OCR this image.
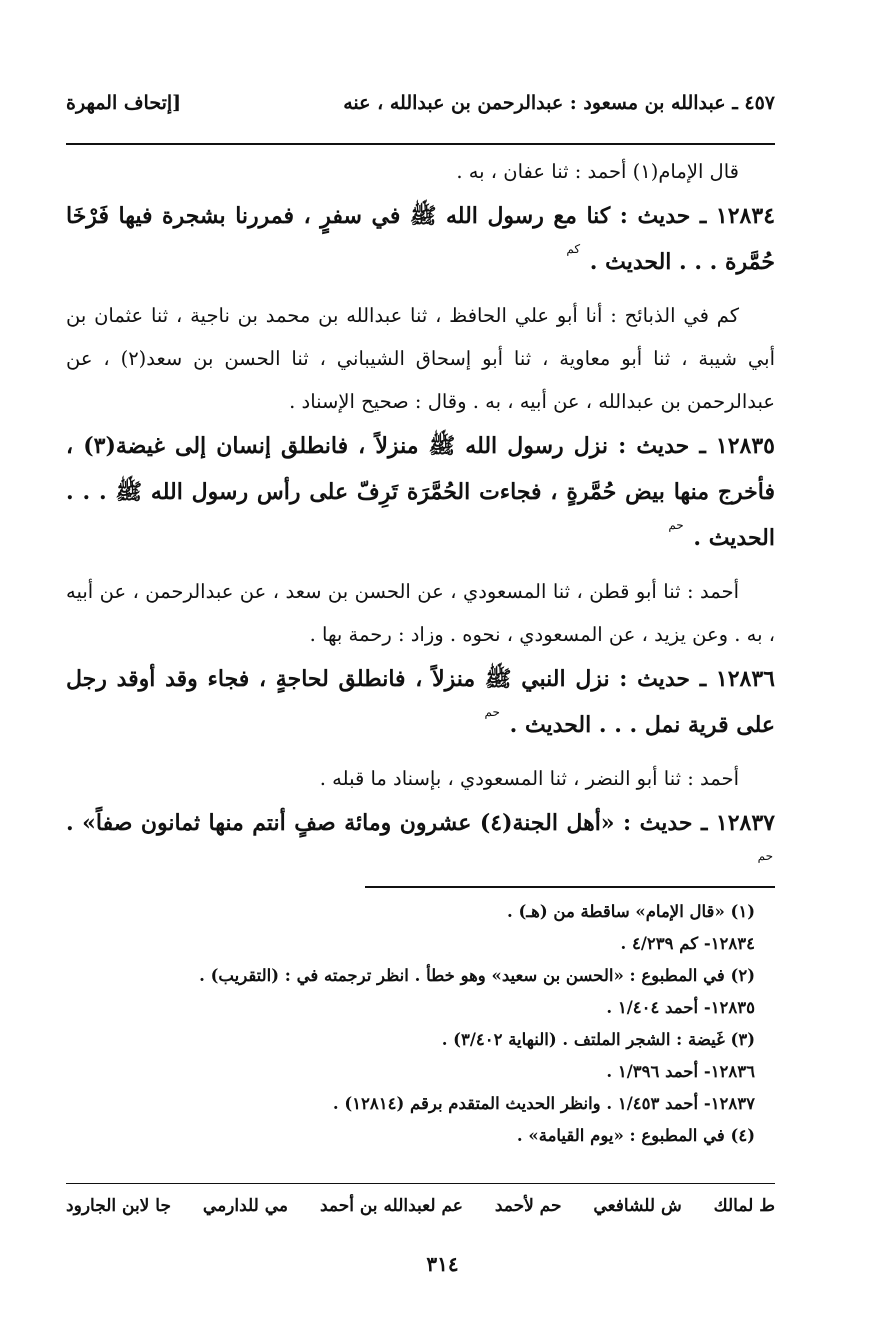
٤٥٧ ـ عبدالله بن مسعود : عبدالرحمن بن عبدالله ، عنه
[إتحاف المهرة

قال الإمام(١) أحمد : ثنا عفان ، به .

١٢٨٣٤ ـ حديث : كنا مع رسول الله ﷺ في سفرٍ ، فمررنا بشجرة فيها فَرْخَا حُمَّرة . . . الحديث . $^{كم}$

كم في الذبائح : أنا أبو علي الحافظ ، ثنا عبدالله بن محمد بن ناجية ، ثنا عثمان بن أبي شيبة ، ثنا أبو معاوية ، ثنا أبو إسحاق الشيباني ، ثنا الحسن بن سعد(٢) ، عن عبدالرحمن بن عبدالله ، عن أبيه ، به . وقال : صحيح الإسناد .

١٢٨٣٥ ـ حديث : نزل رسول الله ﷺ منزلاً ، فانطلق إنسان إلى غيضة(٣) ، فأخرج منها بيض حُمَّرةٍ ، فجاءت الحُمَّرَة تَرِفّ على رأس رسول الله ﷺ . . . الحديث . $^{حم}$

أحمد : ثنا أبو قطن ، ثنا المسعودي ، عن الحسن بن سعد ، عن عبدالرحمن ، عن أبيه ، به . وعن يزيد ، عن المسعودي ، نحوه . وزاد : رحمة بها .

١٢٨٣٦ ـ حديث : نزل النبي ﷺ منزلاً ، فانطلق لحاجةٍ ، فجاء وقد أوقد رجل على قرية نمل . . . الحديث . $^{حم}$

أحمد : ثنا أبو النضر ، ثنا المسعودي ، بإسناد ما قبله .

١٢٨٣٧ ـ حديث : «أهل الجنة(٤) عشرون ومائة صفٍ أنتم منها ثمانون صفاً» . $^{حم}$

(١) «قال الإمام» ساقطة من (هـ) .

١٢٨٣٤- كم ٤/٢٣٩ .

(٢) في المطبوع : «الحسن بن سعيد» وهو خطأ . انظر ترجمته في : (التقريب) .

١٢٨٣٥- أحمد ١/٤٠٤ .

(٣) غَيضة : الشجر الملتف . (النهاية ٣/٤٠٢) .

١٢٨٣٦- أحمد ١/٣٩٦ .

١٢٨٣٧- أحمد ١/٤٥٣ . وانظر الحديث المتقدم برقم (١٢٨١٤) .

(٤) في المطبوع : «يوم القيامة» .

ط لمالك
ش للشافعي
حم لأحمد
عم لعبدالله بن أحمد
مي للدارمي
جا لابن الجارود
٣١٤
